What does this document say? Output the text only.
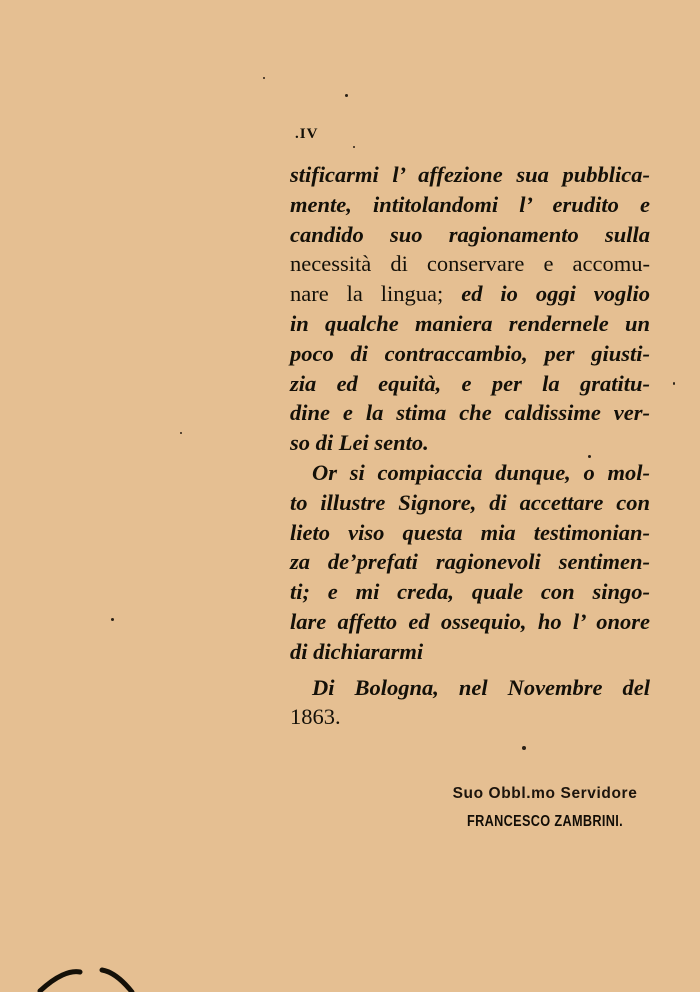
.IV

stificarmi l’ affezione sua pubblica-
mente, intitolandomi l’ erudito e
candido suo ragionamento sulla
necessità di conservare e accomu-
nare la lingua; ed io oggi voglio
in qualche maniera rendernele un
poco di contraccambio, per giusti-
zia ed equità, e per la gratitu-
dine e la stima che caldissime ver-
so di Lei sento.

Or si compiaccia dunque, o mol-
to illustre Signore, di accettare con
lieto viso questa mia testimonian-
za de’prefati ragionevoli sentimen-
ti; e mi creda, quale con singo-
lare affetto ed ossequio, ho l’ onore
di dichiararmi

Di Bologna, nel Novembre del
1863.

Suo Obbl.mo Servidore
FRANCESCO ZAMBRINI.
